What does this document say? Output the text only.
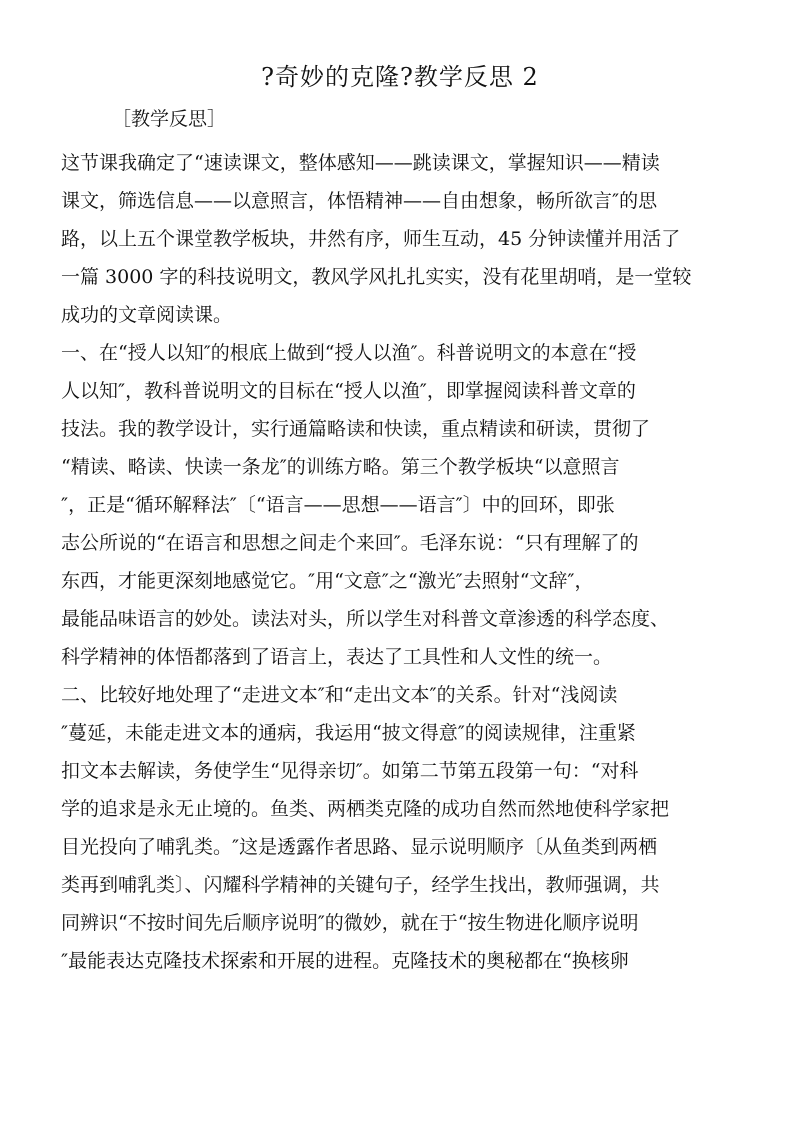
?奇妙的克隆?教学反思 2
［教学反思］
这节课我确定了“速读课文，整体感知——跳读课文，掌握知识——精读
课文，筛选信息——以意照言，体悟精神——自由想象，畅所欲言″的思
路，以上五个课堂教学板块，井然有序，师生互动，45 分钟读懂并用活了
一篇 3000 字的科技说明文，教风学风扎扎实实，没有花里胡哨，是一堂较
成功的文章阅读课。
一、在“授人以知″的根底上做到“授人以渔″。科普说明文的本意在“授
人以知″，教科普说明文的目标在“授人以渔″，即掌握阅读科普文章的
技法。我的教学设计，实行通篇略读和快读，重点精读和研读，贯彻了
“精读、略读、快读一条龙″的训练方略。第三个教学板块“以意照言
″，正是“循环解释法″〔“语言——思想——语言″〕中的回环，即张
志公所说的“在语言和思想之间走个来回″。毛泽东说：“只有理解了的
东西，才能更深刻地感觉它。″用“文意″之“激光″去照射“文辞″，
最能品味语言的妙处。读法对头，所以学生对科普文章渗透的科学态度、
科学精神的体悟都落到了语言上，表达了工具性和人文性的统一。
二、比较好地处理了“走进文本″和“走出文本″的关系。针对“浅阅读
″蔓延，未能走进文本的通病，我运用“披文得意″的阅读规律，注重紧
扣文本去解读，务使学生“见得亲切″。如第二节第五段第一句：“对科
学的追求是永无止境的。鱼类、两栖类克隆的成功自然而然地使科学家把
目光投向了哺乳类。″这是透露作者思路、显示说明顺序〔从鱼类到两栖
类再到哺乳类〕、闪耀科学精神的关键句子，经学生找出，教师强调，共
同辨识“不按时间先后顺序说明″的微妙，就在于“按生物进化顺序说明
″最能表达克隆技术探索和开展的进程。克隆技术的奥秘都在“换核卵
